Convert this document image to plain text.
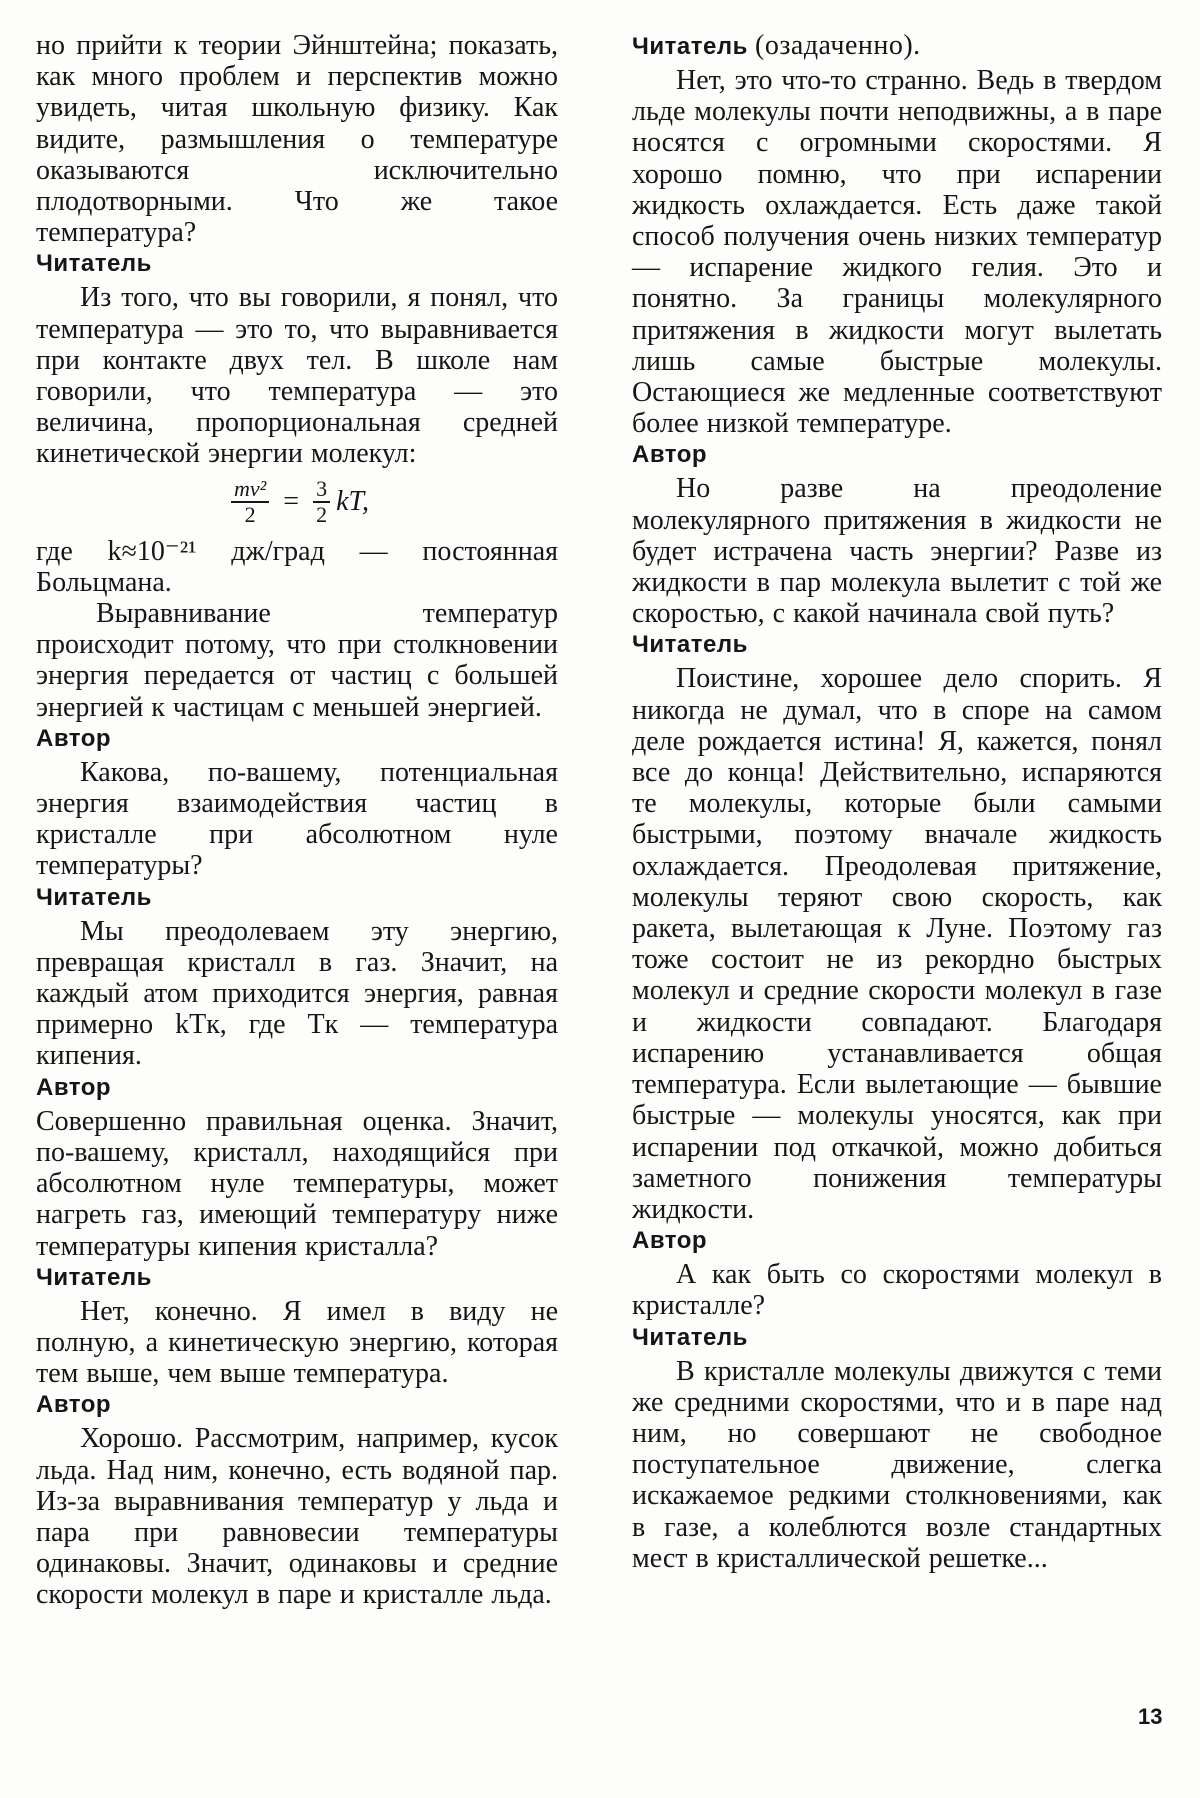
но прийти к теории Эйнштейна; показать, как много проблем и перспектив можно увидеть, читая школьную физику. Как видите, размышления о температуре оказываются исключительно плодотворными. Что же такое температура?

Читатель

Из того, что вы говорили, я понял, что температура — это то, что выравнивается при контакте двух тел. В школе нам говорили, что температура — это величина, пропорциональная средней кинетической энергии молекул:

$\frac{\text{mv²}}{2} = \frac{3}{2}$ kT,

где k≈10⁻²¹ дж/град — постоянная Больцмана.

Выравнивание температур происходит потому, что при столкновении энергия передается от частиц с большей энергией к частицам с меньшей энергией.

Автор

Какова, по-вашему, потенциальная энергия взаимодействия частиц в кристалле при абсолютном нуле температуры?

Читатель

Мы преодолеваем эту энергию, превращая кристалл в газ. Значит, на каждый атом приходится энергия, равная примерно kTк, где Tк — температура кипения.

Автор

Совершенно правильная оценка. Значит, по-вашему, кристалл, находящийся при абсолютном нуле температуры, может нагреть газ, имеющий температуру ниже температуры кипения кристалла?

Читатель

Нет, конечно. Я имел в виду не полную, а кинетическую энергию, которая тем выше, чем выше температура.

Автор

Хорошо. Рассмотрим, например, кусок льда. Над ним, конечно, есть водяной пар. Из-за выравнивания температур у льда и пара при равновесии температуры одинаковы. Значит, одинаковы и средние скорости молекул в паре и кристалле льда.

Читатель (озадаченно).

Нет, это что-то странно. Ведь в твердом льде молекулы почти неподвижны, а в паре носятся с огромными скоростями. Я хорошо помню, что при испарении жидкость охлаждается. Есть даже такой способ получения очень низких температур — испарение жидкого гелия. Это и понятно. За границы молекулярного притяжения в жидкости могут вылетать лишь самые быстрые молекулы. Остающиеся же медленные соответствуют более низкой температуре.

Автор

Но разве на преодоление молекулярного притяжения в жидкости не будет истрачена часть энергии? Разве из жидкости в пар молекула вылетит с той же скоростью, с какой начинала свой путь?

Читатель

Поистине, хорошее дело спорить. Я никогда не думал, что в споре на самом деле рождается истина! Я, кажется, понял все до конца! Действительно, испаряются те молекулы, которые были самыми быстрыми, поэтому вначале жидкость охлаждается. Преодолевая притяжение, молекулы теряют свою скорость, как ракета, вылетающая к Луне. Поэтому газ тоже состоит не из рекордно быстрых молекул и средние скорости молекул в газе и жидкости совпадают. Благодаря испарению устанавливается общая температура. Если вылетающие — бывшие быстрые — молекулы уносятся, как при испарении под откачкой, можно добиться заметного понижения температуры жидкости.

Автор

А как быть со скоростями молекул в кристалле?

Читатель

В кристалле молекулы движутся с теми же средними скоростями, что и в паре над ним, но совершают не свободное поступательное движение, слегка искажаемое редкими столкновениями, как в газе, а колеблются возле стандартных мест в кристаллической решетке...

13
